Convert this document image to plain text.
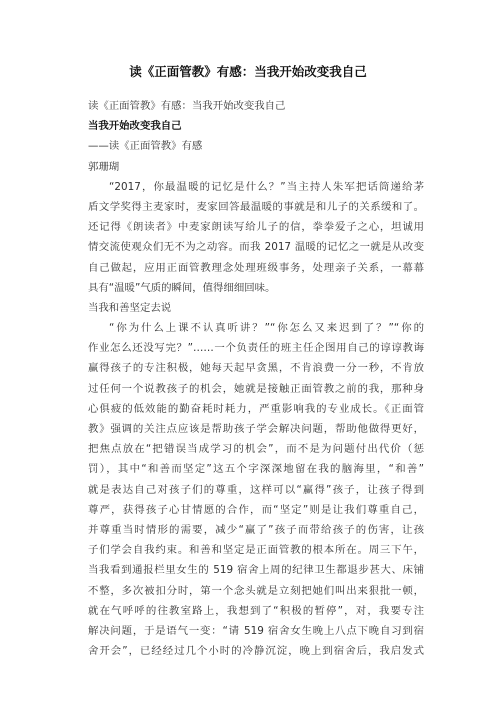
读《正面管教》有感：当我开始改变我自己

读《正面管教》有感：当我开始改变我自己

当我开始改变我自己

——读《正面管教》有感

郭珊瑚

“2017，你最温暖的记忆是什么？”当主持人朱军把话筒递给茅

盾文学奖得主麦家时，麦家回答最温暖的事就是和儿子的关系缓和了。

还记得《朗读者》中麦家朗读写给儿子的信，拳拳爱子之心，坦诚用

情交流使观众们无不为之动容。而我 2017 温暖的记忆之一就是从改变

自己做起，应用正面管教理念处理班级事务，处理亲子关系，一幕幕

具有“温暖”气质的瞬间，值得细细回味。

当我和善坚定去说

“你为什么上课不认真听讲？”“你怎么又来迟到了？”“你的

作业怎么还没写完？”……一个负责任的班主任企图用自己的谆谆教诲

赢得孩子的专注积极，她每天起早贪黑，不肯浪费一分一秒，不肯放

过任何一个说教孩子的机会，她就是接触正面管教之前的我，那种身

心俱疲的低效能的勤奋耗时耗力，严重影响我的专业成长。《正面管

教》强调的关注点应该是帮助孩子学会解决问题，帮助他做得更好，

把焦点放在“把错误当成学习的机会”，而不是为问题付出代价（惩

罚），其中“和善而坚定”这五个字深深地留在我的脑海里，“和善”

就是表达自己对孩子们的尊重，这样可以“赢得”孩子，让孩子得到

尊严，获得孩子心甘情愿的合作，而“坚定”则是让我们尊重自己，

并尊重当时情形的需要，减少“赢了”孩子而带给孩子的伤害，让孩

子们学会自我约束。和善和坚定是正面管教的根本所在。周三下午，

当我看到通报栏里女生的 519 宿舍上周的纪律卫生都退步甚大、床铺

不整，多次被扣分时，第一个念头就是立刻把她们叫出来狠批一顿，

就在气呼呼的往教室路上，我想到了“积极的暂停”，对，我要专注

解决问题，于是语气一变：“请 519 宿舍女生晚上八点下晚自习到宿

舍开会”，已经经过几个小时的冷静沉淀，晚上到宿舍后，我启发式
